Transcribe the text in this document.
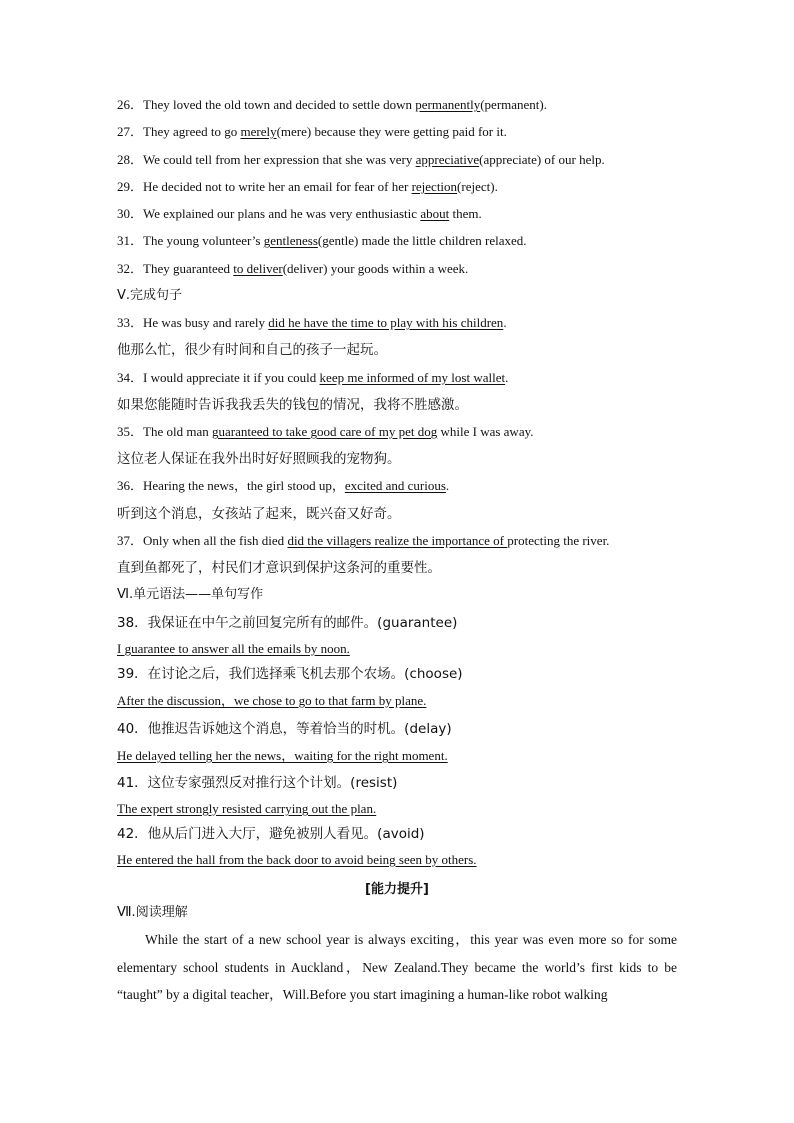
26．They loved the old town and decided to settle down permanently(permanent).
27．They agreed to go merely(mere) because they were getting paid for it.
28．We could tell from her expression that she was very appreciative(appreciate) of our help.
29．He decided not to write her an email for fear of her rejection(reject).
30．We explained our plans and he was very enthusiastic about them.
31．The young volunteer’s gentleness(gentle) made the little children relaxed.
32．They guaranteed to deliver(deliver) your goods within a week.
Ⅴ.完成句子
33．He was busy and rarely did he have the time to play with his children.
他那么忙，很少有时间和自己的孩子一起玩。
34．I would appreciate it if you could keep me informed of my lost wallet.
如果您能随时告诉我我丢失的钱包的情况，我将不胜感激。
35．The old man guaranteed to take good care of my pet dog while I was away.
这位老人保证在我外出时好好照顾我的宠物狗。
36．Hearing the news，the girl stood up，excited and curious.
听到这个消息，女孩站了起来，既兴奋又好奇。
37．Only when all the fish died did the villagers realize the importance of protecting the river.
直到鱼都死了，村民们才意识到保护这条河的重要性。
Ⅵ.单元语法——单句写作
38．我保证在中午之前回复完所有的邮件。(guarantee)
I guarantee to answer all the emails by noon.
39．在讨论之后，我们选择乘飞机去那个农场。(choose)
After the discussion，we chose to go to that farm by plane.
40．他推迟告诉她这个消息，等着恰当的时机。(delay)
He delayed telling her the news，waiting for the right moment.
41．这位专家强烈反对推行这个计划。(resist)
The expert strongly resisted carrying out the plan.
42．他从后门进入大厅，避免被别人看见。(avoid)
He entered the hall from the back door to avoid being seen by others.
[能力提升]
Ⅶ.阅读理解
While the start of a new school year is always exciting，this year was even more so for some elementary school students in Auckland，New Zealand.They became the world’s first kids to be “taught” by a digital teacher，Will.Before you start imagining a human-like robot walking
